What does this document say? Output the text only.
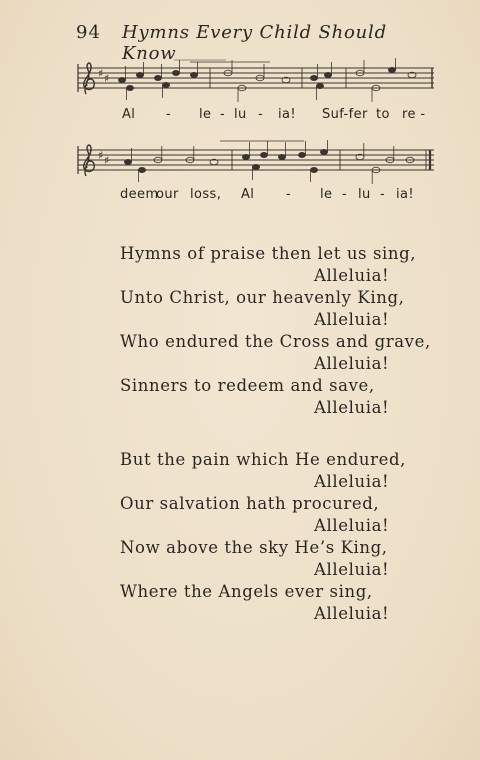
94 Hymns Every Child Should Know
♯ ♯
Al - le - lu - ia! Suf-fer to re -
♯ ♯
deem
our loss, Al - le - lu - ia!
Hymns of praise then let us sing,
Alleluia!
Unto Christ, our heavenly King,
Alleluia!
Who endured the Cross and grave,
Alleluia!
Sinners to redeem and save,
Alleluia!
But the pain which He endured,
Alleluia!
Our salvation hath procured,
Alleluia!
Now above the sky He’s King,
Alleluia!
Where the Angels ever sing,
Alleluia!
